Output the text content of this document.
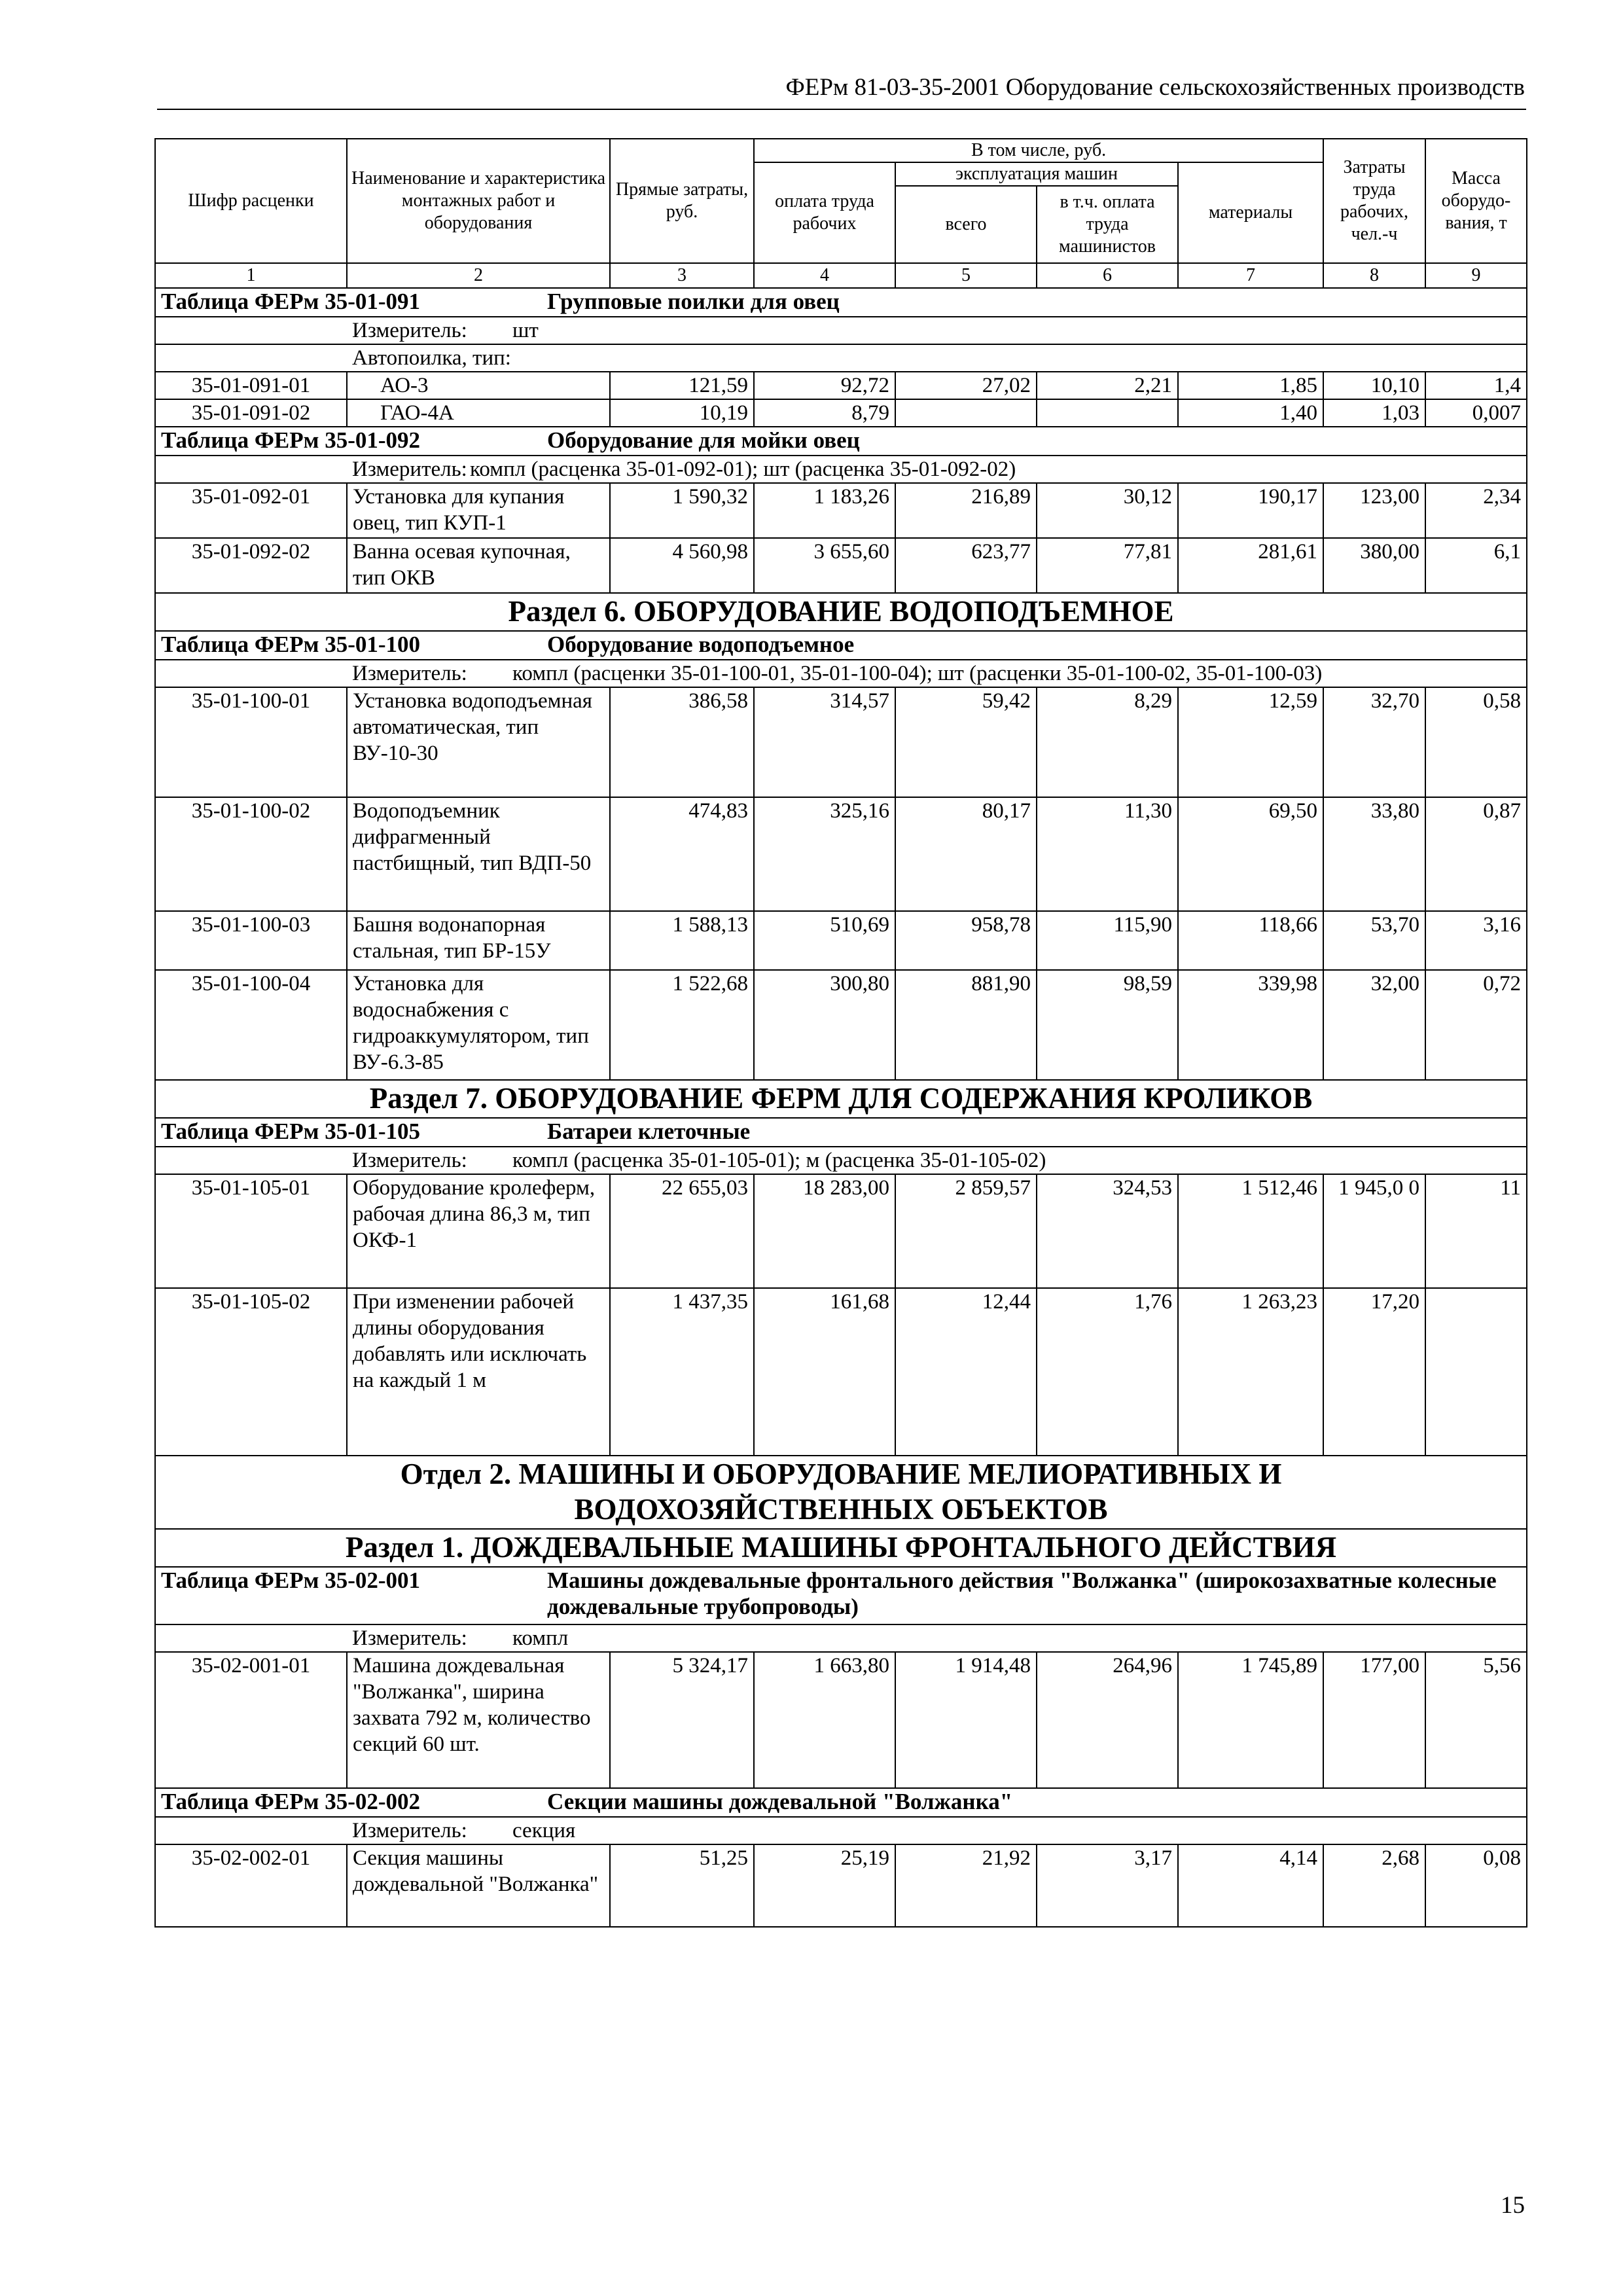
ФЕРм 81-03-35-2001 Оборудование сельскохозяйственных производств
Шифр расценки	Наименование и характеристика монтажных работ и оборудования	Прямые затраты, руб.	В том числе, руб.				Затраты труда рабочих, чел.-ч	Масса оборудо-вания, т
			оплата труда рабочих	эксплуатация машин		материалы		
				всего	в т.ч. оплата труда машинистов			
1	2	3	4	5	6	7	8	9
Таблица ФЕРм 35-01-091 Групповые поилки для овец								
Измеритель: шт								
Автопоилка, тип:								
35-01-091-01	АО-3	121,59	92,72	27,02	2,21	1,85	10,10	1,4
35-01-091-02	ГАО-4А	10,19	8,79			1,40	1,03	0,007
Таблица ФЕРм 35-01-092 Оборудование для мойки овец								
Измеритель: компл (расценка 35-01-092-01); шт (расценка 35-01-092-02)								
35-01-092-01	Установка для купания овец, тип КУП-1	1 590,32	1 183,26	216,89	30,12	190,17	123,00	2,34
35-01-092-02	Ванна осевая купочная, тип ОКВ	4 560,98	3 655,60	623,77	77,81	281,61	380,00	6,1
Раздел 6. ОБОРУДОВАНИЕ ВОДОПОДЪЕМНОЕ								
Таблица ФЕРм 35-01-100 Оборудование водоподъемное								
Измеритель: компл (расценки 35-01-100-01, 35-01-100-04); шт (расценки 35-01-100-02, 35-01-100-03)								
35-01-100-01	Установка водоподъемная автоматическая, тип ВУ-10-30	386,58	314,57	59,42	8,29	12,59	32,70	0,58
35-01-100-02	Водоподъемник дифрагменный пастбищный, тип ВДП-50	474,83	325,16	80,17	11,30	69,50	33,80	0,87
35-01-100-03	Башня водонапорная стальная, тип БР-15У	1 588,13	510,69	958,78	115,90	118,66	53,70	3,16
35-01-100-04	Установка для водоснабжения с гидроаккумулятором, тип ВУ-6.3-85	1 522,68	300,80	881,90	98,59	339,98	32,00	0,72
Раздел 7. ОБОРУДОВАНИЕ ФЕРМ ДЛЯ СОДЕРЖАНИЯ КРОЛИКОВ								
Таблица ФЕРм 35-01-105 Батареи клеточные								
Измеритель: компл (расценка 35-01-105-01); м (расценка 35-01-105-02)								
35-01-105-01	Оборудование кролеферм, рабочая длина 86,3 м, тип ОКФ-1	22 655,03	18 283,00	2 859,57	324,53	1 512,46	1 945,0 0	11
35-01-105-02	При изменении рабочей длины оборудования добавлять или исключать на каждый 1 м	1 437,35	161,68	12,44	1,76	1 263,23	17,20	
Отдел 2. МАШИНЫ И ОБОРУДОВАНИЕ МЕЛИОРАТИВНЫХ И ВОДОХОЗЯЙСТВЕННЫХ ОБЪЕКТОВ								
Раздел 1. ДОЖДЕВАЛЬНЫЕ МАШИНЫ ФРОНТАЛЬНОГО ДЕЙСТВИЯ								

Таблица ФЕРм 35-02-001 Машины дождевальные фронтального действия "Волжанка" (широкозахватные колесные дождевальные трубопроводы)								

Измеритель: компл								
35-02-001-01	Машина дождевальная "Волжанка", ширина захвата 792 м, количество секций 60 шт.	5 324,17	1 663,80	1 914,48	264,96	1 745,89	177,00	5,56
Таблица ФЕРм 35-02-002 Секции машины дождевальной "Волжанка"								
Измеритель: секция								
35-02-002-01	Секция машины дождевальной "Волжанка"	51,25	25,19	21,92	3,17	4,14	2,68	0,08
15
